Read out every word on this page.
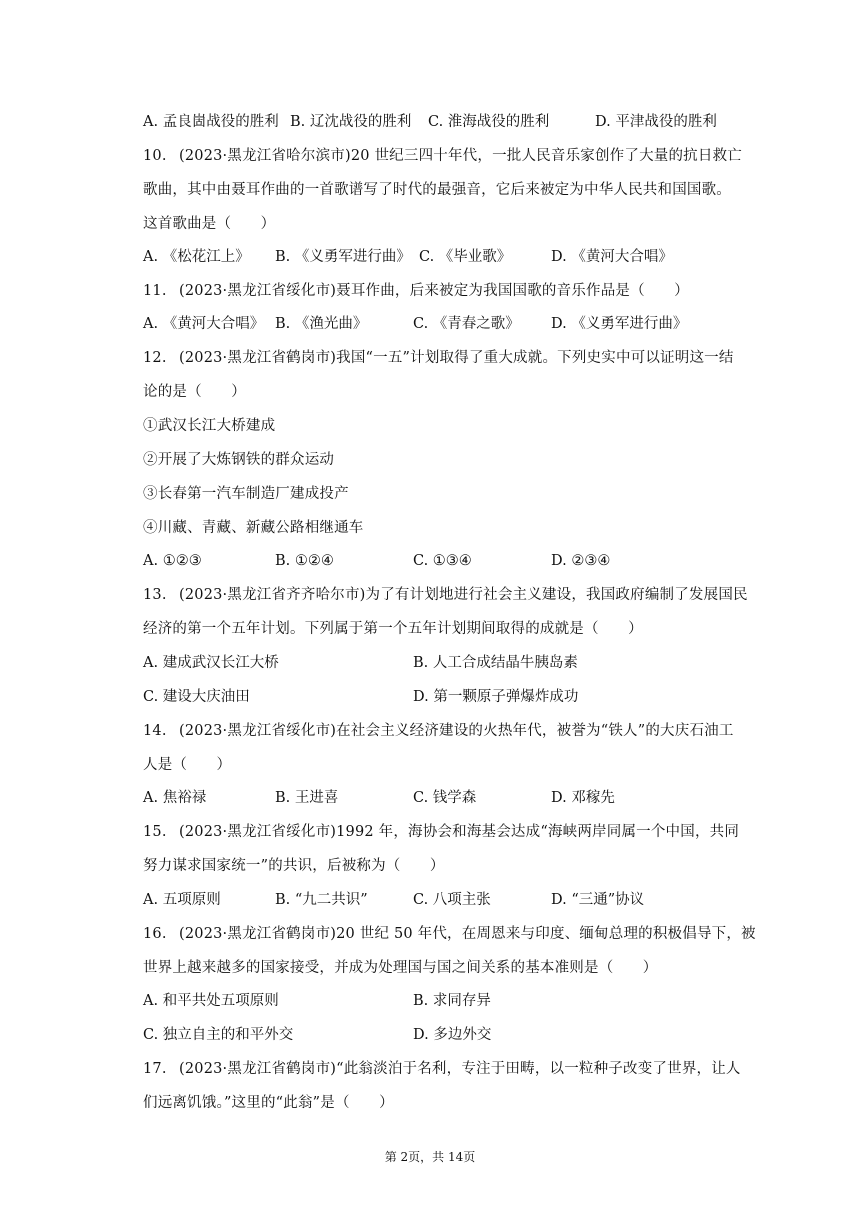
A. 孟良崮战役的胜利 B. 辽沈战役的胜利 C. 淮海战役的胜利	D. 平津战役的胜利
10. (2023·黑龙江省哈尔滨市)20 世纪三四十年代，一批人民音乐家创作了大量的抗日救亡
歌曲，其中由聂耳作曲的一首歌谱写了时代的最强音，它后来被定为中华人民共和国国歌。
这首歌曲是（　　）
A. 《松花江上》 B. 《义勇军进行曲》 C. 《毕业歌》	D. 《黄河大合唱》
11. (2023·黑龙江省绥化市)聂耳作曲，后来被定为我国国歌的音乐作品是（　　）
A. 《黄河大合唱》 B. 《渔光曲》	C. 《青春之歌》 D. 《义勇军进行曲》
12. (2023·黑龙江省鹤岗市)我国“一五”计划取得了重大成就。下列史实中可以证明这一结
论的是（　　）
①武汉长江大桥建成
②开展了大炼钢铁的群众运动
③长春第一汽车制造厂建成投产
④川藏、青藏、新藏公路相继通车
A. ①②③	B. ①②④	C. ①③④	D. ②③④
13. (2023·黑龙江省齐齐哈尔市)为了有计划地进行社会主义建设，我国政府编制了发展国民
经济的第一个五年计划。下列属于第一个五年计划期间取得的成就是（　　）
A. 建成武汉长江大桥	B. 人工合成结晶牛胰岛素
C. 建设大庆油田	D. 第一颗原子弹爆炸成功
14. (2023·黑龙江省绥化市)在社会主义经济建设的火热年代，被誉为“铁人”的大庆石油工
人是（　　）
A. 焦裕禄	B. 王进喜	C. 钱学森	D. 邓稼先
15. (2023·黑龙江省绥化市)1992 年，海协会和海基会达成“海峡两岸同属一个中国，共同
努力谋求国家统一”的共识，后被称为（　　）
A. 五项原则	B. “九二共识”	C. 八项主张	D. “三通”协议
16. (2023·黑龙江省鹤岗市)20 世纪 50 年代，在周恩来与印度、缅甸总理的积极倡导下，被
世界上越来越多的国家接受，并成为处理国与国之间关系的基本准则是（　　）
A. 和平共处五项原则	B. 求同存异
C. 独立自主的和平外交	D. 多边外交
17. (2023·黑龙江省鹤岗市)“此翁淡泊于名利，专注于田畴，以一粒种子改变了世界，让人
们远离饥饿。”这里的“此翁”是（　　）
第 2页，共 14页
